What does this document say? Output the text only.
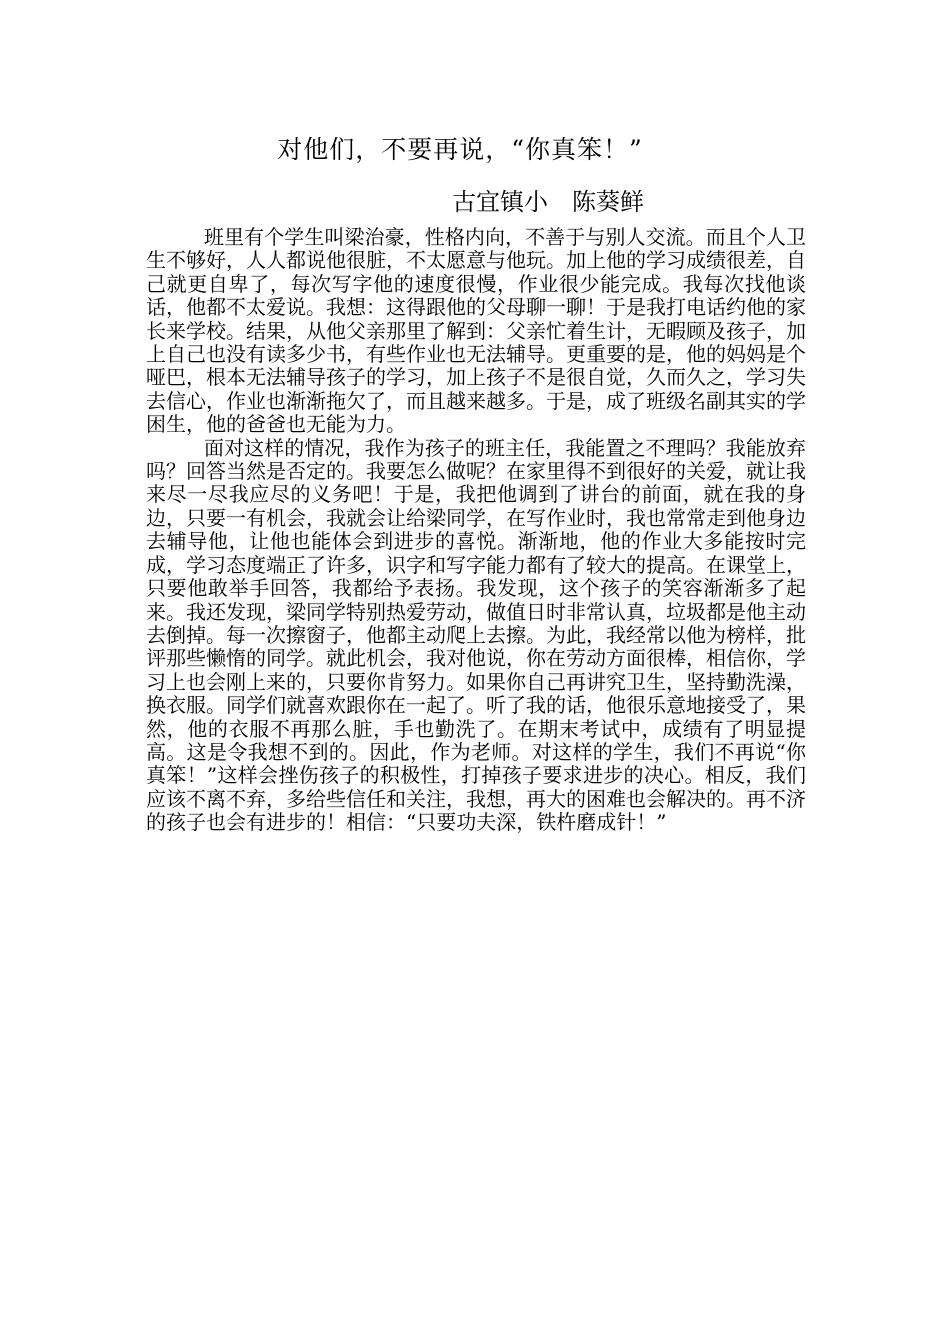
对他们，不要再说，“你真笨！”
古宜镇小　陈葵鲜

班里有个学生叫梁治豪，性格内向，不善于与别人交流。而且个人卫生不够好，人人都说他很脏，不太愿意与他玩。加上他的学习成绩很差，自己就更自卑了，每次写字他的速度很慢，作业很少能完成。我每次找他谈话，他都不太爱说。我想：这得跟他的父母聊一聊！于是我打电话约他的家长来学校。结果，从他父亲那里了解到：父亲忙着生计，无暇顾及孩子，加上自己也没有读多少书，有些作业也无法辅导。更重要的是，他的妈妈是个哑巴，根本无法辅导孩子的学习，加上孩子不是很自觉，久而久之，学习失去信心，作业也渐渐拖欠了，而且越来越多。于是，成了班级名副其实的学困生，他的爸爸也无能为力。

面对这样的情况，我作为孩子的班主任，我能置之不理吗？我能放弃吗？回答当然是否定的。我要怎么做呢？在家里得不到很好的关爱，就让我来尽一尽我应尽的义务吧！于是，我把他调到了讲台的前面，就在我的身边，只要一有机会，我就会让给梁同学，在写作业时，我也常常走到他身边去辅导他，让他也能体会到进步的喜悦。渐渐地，他的作业大多能按时完成，学习态度端正了许多，识字和写字能力都有了较大的提高。在课堂上，只要他敢举手回答，我都给予表扬。我发现，这个孩子的笑容渐渐多了起来。我还发现，梁同学特别热爱劳动，做值日时非常认真，垃圾都是他主动去倒掉。每一次擦窗子，他都主动爬上去擦。为此，我经常以他为榜样，批评那些懒惰的同学。就此机会，我对他说，你在劳动方面很棒，相信你，学习上也会刚上来的，只要你肯努力。如果你自己再讲究卫生，坚持勤洗澡，换衣服。同学们就喜欢跟你在一起了。听了我的话，他很乐意地接受了，果然，他的衣服不再那么脏，手也勤洗了。在期末考试中，成绩有了明显提高。这是令我想不到的。因此，作为老师。对这样的学生，我们不再说“你真笨！”这样会挫伤孩子的积极性，打掉孩子要求进步的决心。相反，我们应该不离不弃，多给些信任和关注，我想，再大的困难也会解决的。再不济的孩子也会有进步的！相信：“只要功夫深，铁杵磨成针！”
